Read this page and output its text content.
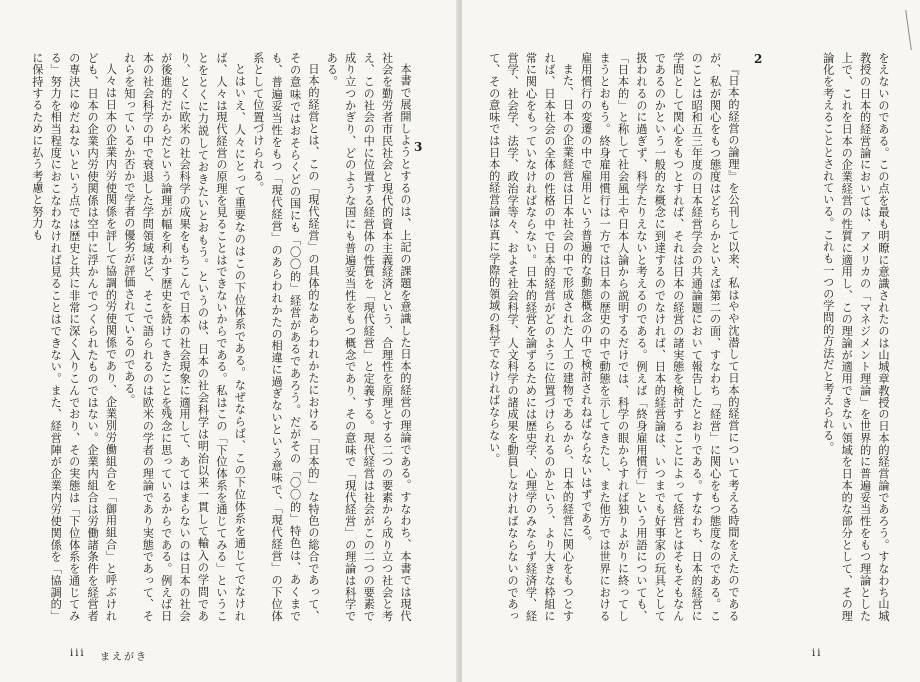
本書で展開しようとするのは、上記の課題を意識した日本的経営の理論である。すなわち、本書では現代社会を勤労者市民社会と現代的資本主義経済という、合理性を原理とする二つの要素から成り立つ社会と考え、この社会の中に位置する経営体の性質を「現代経営」と定義する。現代経営は社会がこの二つの要素で成り立つかぎり、どのような国にも普遍妥当性をもつ概念であり、その意味で「現代経営」の理論は科学である。

日本的経営とは、この「現代経営」の具体的なあらわれかたにおける「日本的」な特色の総合であって、その意味ではおそらくどの国にも「〇〇的」経営があるであろう。だがその「〇〇的」特色は、あくまでも、普遍妥当性をもつ「現代経営」のあらわれかたの相違に過ぎないという意味で、「現代経営」の下位体系として位置づけられる。

とはいえ、人々にとって重要なのはこの下位体系である。なぜならば、この下位体系を通じてでなければ、人々は現代経営の原理を見ることはできないからである。私はこの「下位体系を通じてみる」ということをとくに力説しておきたいとおもう。というのは、日本の社会科学は明治以来一貫して輸入の学問であり、とくに欧米の社会科学の成果をもちこんで日本の社会現象に適用して、あてはまらないのは日本の社会が後進的だからだという論理が幅を利かす歴史を続けてきたことを残念に思っているからである。例えば日本の社会科学の中で衰退した学問領域ほど、そこで語られるのは欧米の学者の理論であり実態であって、それらを知っているか否かで学者の優劣が評価されているのである。

人々は日本の企業内労使関係を評して協調的労使関係であり、企業別労働組合を「御用組合」と呼ぶけれども、日本の企業内労使関係は空中に浮かんでつくられたものではない。企業内組合は労働諸条件を経営者の専決にゆだねないという点では歴史と共に非常に深く入りこんでおり、その実態は「下位体系を通じてみる」努力を相当程度におこなわなければ見ることはできない。また、経営陣が企業内労使関係を「協調的」に保持するために払う考慮と努力も	3
iii まえがき

をえないのである。この点を最も明瞭に意識されたのは山城章教授の日本的経営論であろう。すなわち山城教授の日本的経営論においては、アメリカの「マネジメント理論」を世界的に普遍妥当性をもつ理論とした上で、これを日本の企業経営の性質に適用し、この理論が適用できない領域を日本的な部分として、その理論化を考えることとされている。これも一つの学問的方法だと考えられる。

2

『日本的経営の論理』を公刊して以来、私はやや沈潜して日本的経営について考える時間をえたのであるが、私が関心をもつ態度はどちらかといえば第二の面、すなわち「経営」に関心をもつ態度なのである。このことは昭和五三年度の日本経営学会の共通論題において報告したとおりである。すなわち、日本的経営に学問として関心をもつとすれば、それは日本の経営の諸実態を検討することによって経営とはそもそもなんであるのかという一般的な概念に到達するのでなければ、日本的経営論は、いつまでも好事家の玩具として扱われるのに過ぎず、科学たりえないと考えるのである。例えば「終身雇用慣行」という用語についても、「日本的」と称して社会風土や日本人論から説明するだけでは、科学の眼からすれば独りよがりに終ってしまうとおもう。終身雇用慣行は一方では日本の歴史の中で動態を示してきたし、また他方では世界における雇用慣行の変遷の中で雇用という普遍的な動態概念の中で検討されねばならないはずである。

また、日本の企業経営は日本社会の中で形成された人工の建物であるから、日本的経営に関心をもつとすれば、日本社会の全体の性格の中で日本的経営がどのように位置づけられるのかという、より大きな枠組に常に関心をもっていなければならない。日本的経営を論ずるためには歴史学、心理学のみならず経済学、経営学、社会学、法学、政治学等々、およそ社会科学、人文科学の諸成果を動員しなければならないのであって、その意味では日本的経営論は真に学際的領域の科学でなければならない。

ii
